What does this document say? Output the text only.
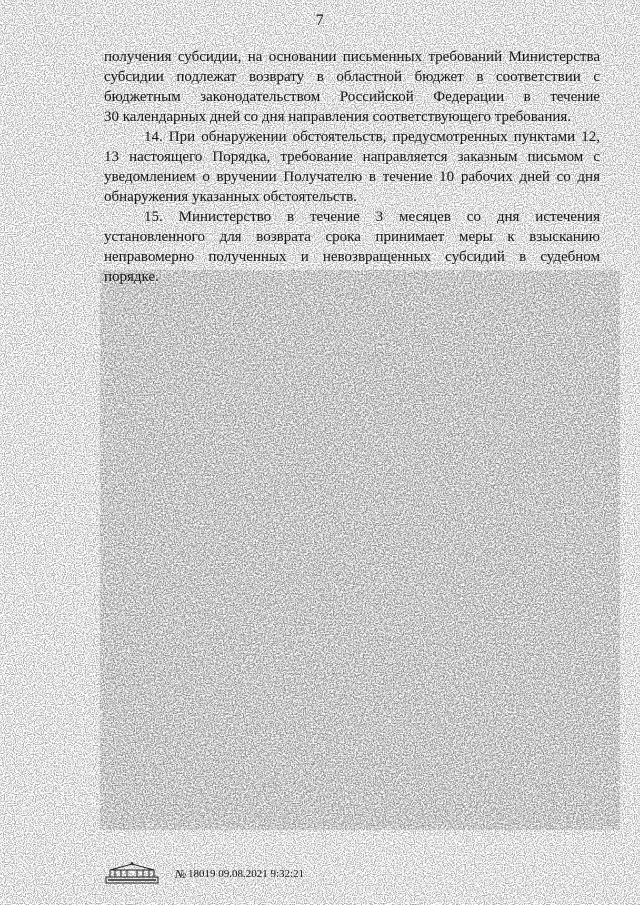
7
получения субсидии, на основании письменных требований Министерства
субсидии подлежат возврату в областной бюджет в соответствии с
бюджетным законодательством Российской Федерации в течение
30 календарных дней со дня направления соответствующего требования.
14. При обнаружении обстоятельств, предусмотренных пунктами 12,
13 настоящего Порядка, требование направляется заказным письмом с
уведомлением о вручении Получателю в течение 10 рабочих дней со дня
обнаружения указанных обстоятельств.
15. Министерство в течение 3 месяцев со дня истечения
установленного для возврата срока принимает меры к взысканию
неправомерно полученных и невозвращенных субсидий в судебном
порядке.
№ 18019 09.08.2021 9:32:21
